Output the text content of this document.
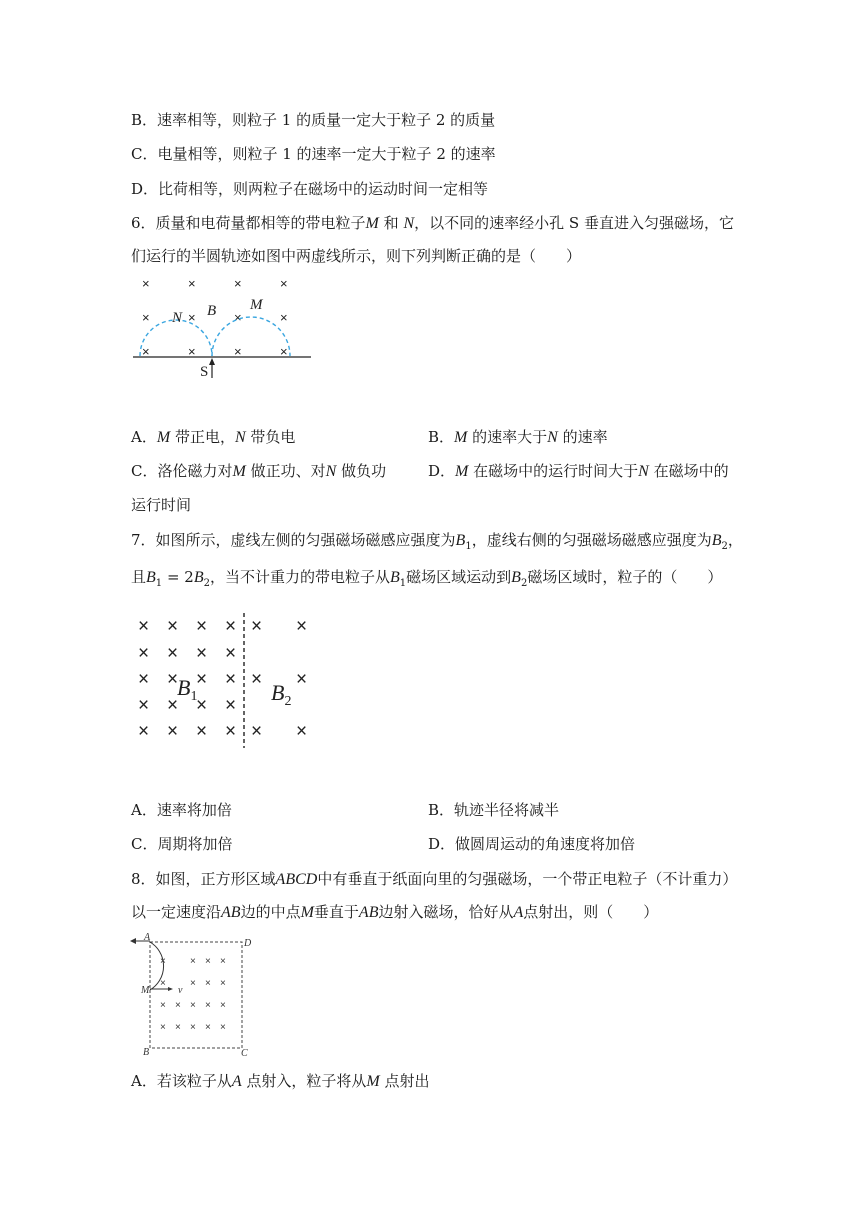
B．速率相等，则粒子 1 的质量一定大于粒子 2 的质量
C．电量相等，则粒子 1 的速率一定大于粒子 2 的速率
D．比荷相等，则两粒子在磁场中的运动时间一定相等
6．质量和电荷量都相等的带电粒子M 和 N，以不同的速率经小孔 S 垂直进入匀强磁场，它
们运行的半圆轨迹如图中两虚线所示，则下列判断正确的是（　　）
×	×	×	×
×	×	×	×
×	×	×	×
N B M
S
A．M 带正电，N 带负电	B．M 的速率大于N 的速率
C．洛伦磁力对M 做正功、对N 做负功	D．M 在磁场中的运行时间大于N 在磁场中的
运行时间
7．如图所示，虚线左侧的匀强磁场磁感应强度为$B_1$，虚线右侧的匀强磁场磁感应强度为$B_2$，
且$B_1 = 2B_2$，当不计重力的带电粒子从$B_1$磁场区域运动到$B_2$磁场区域时，粒子的（　　）
× × × × × ×
× × × ×
× × × × × ×
× × × ×
× × × × × ×
$B_1$	$B_2$
A．速率将加倍	B．轨迹半径将减半
C．周期将加倍	D．做圆周运动的角速度将加倍
8．如图，正方形区域ABCD中有垂直于纸面向里的匀强磁场，一个带正电粒子（不计重力）
以一定速度沿AB边的中点M垂直于AB边射入磁场，恰好从A点射出，则（　　）
× × × ×
× × × ×
× × × × ×
× × × × ×
A
D
M	v
B	C
A．若该粒子从A 点射入，粒子将从M 点射出
